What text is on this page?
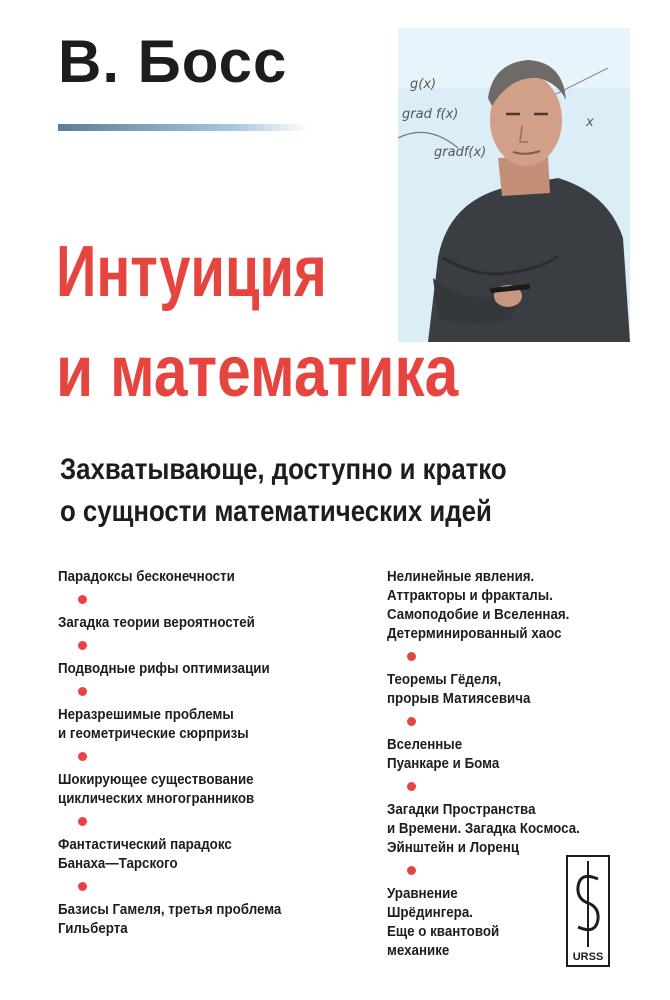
В. Босс	g(x)
grad f(x)
gradf(x)
x
Интуиция
и математика

Захватывающе, доступно и кратко

о сущности математических идей

Парадоксы бесконечности

Загадка теории вероятностей

Подводные рифы оптимизации

Неразрешимые проблемы
и геометрические сюрпризы

Шокирующее существование
циклических многогранников

Фантастический парадокс
Банаха—Тарского

Базисы Гамеля, третья проблема
Гильберта

Нелинейные явления.
Аттракторы и фракталы.
Самоподобие и Вселенная.
Детерминированный хаос

Теоремы Гёделя,
прорыв Матиясевича

Вселенные
Пуанкаре и Бома

Загадки Пространства
и Времени. Загадка Космоса.
Эйнштейн и Лоренц

Уравнение
Шрёдингера.
Еще о квантовой
механике	URSS
